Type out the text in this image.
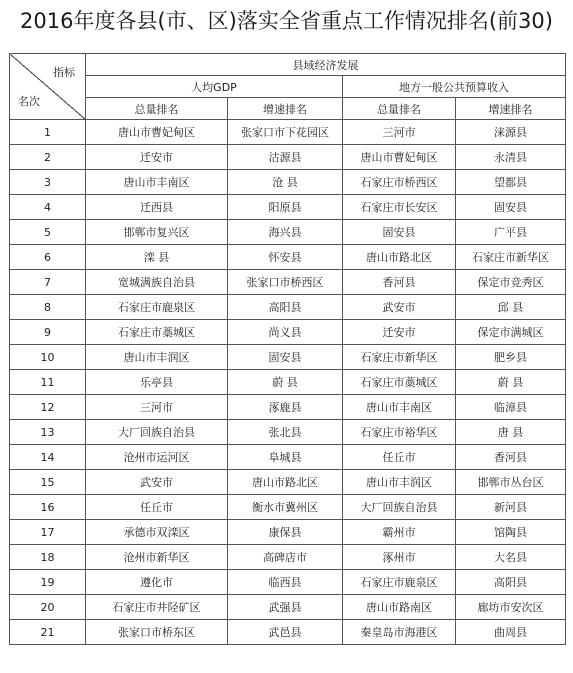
2016年度各县(市、区)落实全省重点工作情况排名(前30)
指标
名次	县域经济发展			
	人均GDP		地方一般公共预算收入	
	总量排名	增速排名	总量排名	增速排名
1	唐山市曹妃甸区	张家口市下花园区	三河市	涞源县
2	迁安市	沽源县	唐山市曹妃甸区	永清县
3	唐山市丰南区	沧 县	石家庄市桥西区	望都县
4	迁西县	阳原县	石家庄市长安区	固安县
5	邯郸市复兴区	海兴县	固安县	广平县
6	滦 县	怀安县	唐山市路北区	石家庄市新华区
7	宽城满族自治县	张家口市桥西区	香河县	保定市竞秀区
8	石家庄市鹿泉区	高阳县	武安市	邱 县
9	石家庄市藁城区	尚义县	迁安市	保定市满城区
10	唐山市丰润区	固安县	石家庄市新华区	肥乡县
11	乐亭县	蔚 县	石家庄市藁城区	蔚 县
12	三河市	涿鹿县	唐山市丰南区	临漳县
13	大厂回族自治县	张北县	石家庄市裕华区	唐 县
14	沧州市运河区	阜城县	任丘市	香河县
15	武安市	唐山市路北区	唐山市丰润区	邯郸市丛台区
16	任丘市	衡水市冀州区	大厂回族自治县	新河县
17	承德市双滦区	康保县	霸州市	馆陶县
18	沧州市新华区	高碑店市	涿州市	大名县
19	遵化市	临西县	石家庄市鹿泉区	高阳县
20	石家庄市井陉矿区	武强县	唐山市路南区	廊坊市安次区
21	张家口市桥东区	武邑县	秦皇岛市海港区	曲周县
